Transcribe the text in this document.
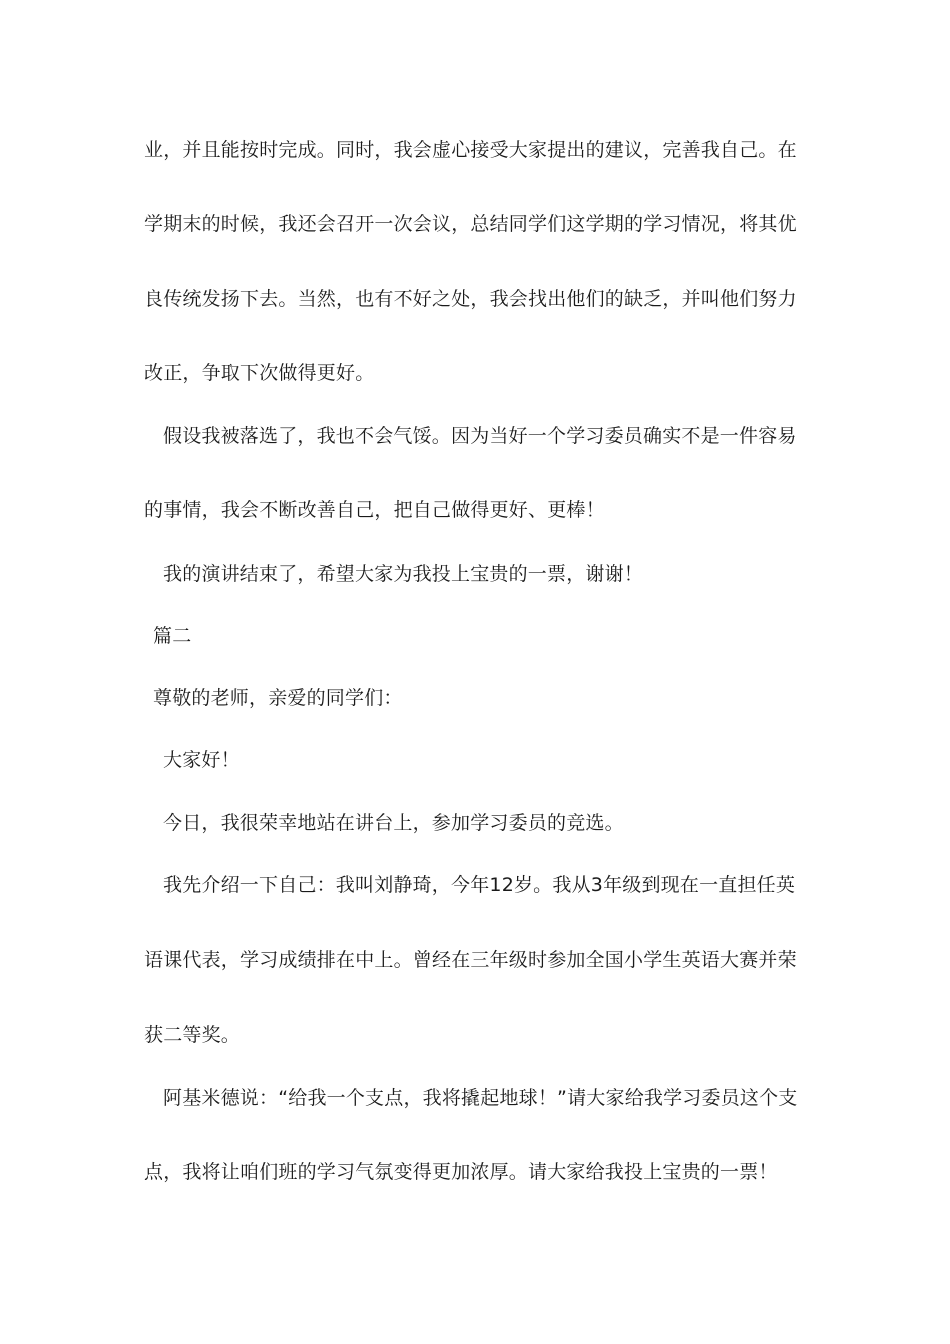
业，并且能按时完成。同时，我会虚心接受大家提出的建议，完善我自己。在
学期末的时候，我还会召开一次会议，总结同学们这学期的学习情况，将其优
良传统发扬下去。当然，也有不好之处，我会找出他们的缺乏，并叫他们努力
改正，争取下次做得更好。
假设我被落选了，我也不会气馁。因为当好一个学习委员确实不是一件容易
的事情，我会不断改善自己，把自己做得更好、更棒！
我的演讲结束了，希望大家为我投上宝贵的一票，谢谢！
篇二
尊敬的老师，亲爱的同学们：
大家好！
今日，我很荣幸地站在讲台上，参加学习委员的竞选。
我先介绍一下自己：我叫刘静琦，今年12岁。我从3年级到现在一直担任英
语课代表，学习成绩排在中上。曾经在三年级时参加全国小学生英语大赛并荣
获二等奖。
阿基米德说：“给我一个支点，我将撬起地球！”请大家给我学习委员这个支
点，我将让咱们班的学习气氛变得更加浓厚。请大家给我投上宝贵的一票！
